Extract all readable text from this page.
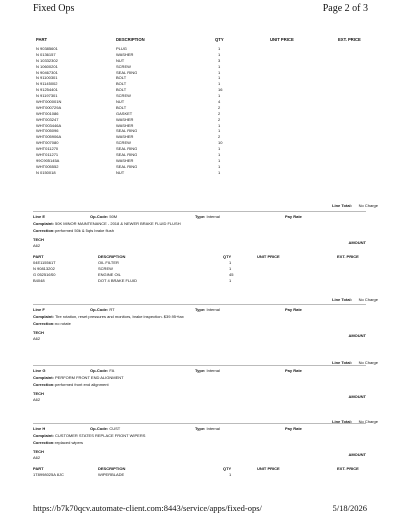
Fixed Ops	Page 2 of 3
PART	DESCRIPTION	QTY	UNIT PRICE	EXT. PRICE
N 90385601	PLUG	1
N 0136157	WASHER	1
N 10332302	NUT	3
N 10600201	SCREW	1
N 90467301	SEAL RING	1
N 91100301	BOLT	1
N 91145002	BOLT	1
N 91254401	BOLT	16
N 91197301	SCREW	1
WHT000001N	NUT	4
WHT000729A	BOLT	2
WHT001086	GASKET	2
WHT003247	WASHER	2
WHT003446A	WASHER	1
WHT005096	SEAL RING	1
WHT005906A	WASHER	2
WHT007080	SCREW	10
WHT011270	SEAL RING	1
WHT011271	SEAL RING	1
99C905145A	WASHER	1
WHT005552	SEAL RING	1
N 0150018	NUT	1
Line Total: No Charge
Line E	Op-Code: 50M	Type: Internal	Pay Rate
Complaint:50K MINOR MAINTENANCE - 2018 & NEWER BRAKE FLUID FLUSH
Correction:performed 50k & 5qts brake flush
TECH
A62
AMOUNT
PART	DESCRIPTION	QTY	UNIT PRICE	EXT. PRICE
04E115561T	OIL FILTER	1
N 90813202	SCREW	1
G 052516S0	ENGINE OIL	45
B4048	DOT 4 BRAKE FLUID	1
Line Total: No Charge
Line F	Op-Code: RT	Type: Internal	Pay Rate
Complaint:Tire rotation, reset pressures and monitors, brake inspection. $39.95+tax
Correction:no rotate
TECH
A62
AMOUNT
Line Total: No Charge
Line G	Op-Code: FA	Type: Internal	Pay Rate
Complaint:PERFORM FRONT END ALIGNMENT
Correction:performed front end alignment
TECH
A62
AMOUNT
Line Total: No Charge
Line H	Op-Code: CUST	Type: Internal	Pay Rate
Complaint:CUSTOMER STATES REPLACE FRONT WIPERS
Correction:replaced wipers
TECH
A62
AMOUNT
PART	DESCRIPTION	QTY	UNIT PRICE	EXT. PRICE
1T8998025A 8JC	WIPERBLADE	1
https://b7k70qcv.automate-client.com:8443/service/apps/fixed-ops/	5/18/2026
